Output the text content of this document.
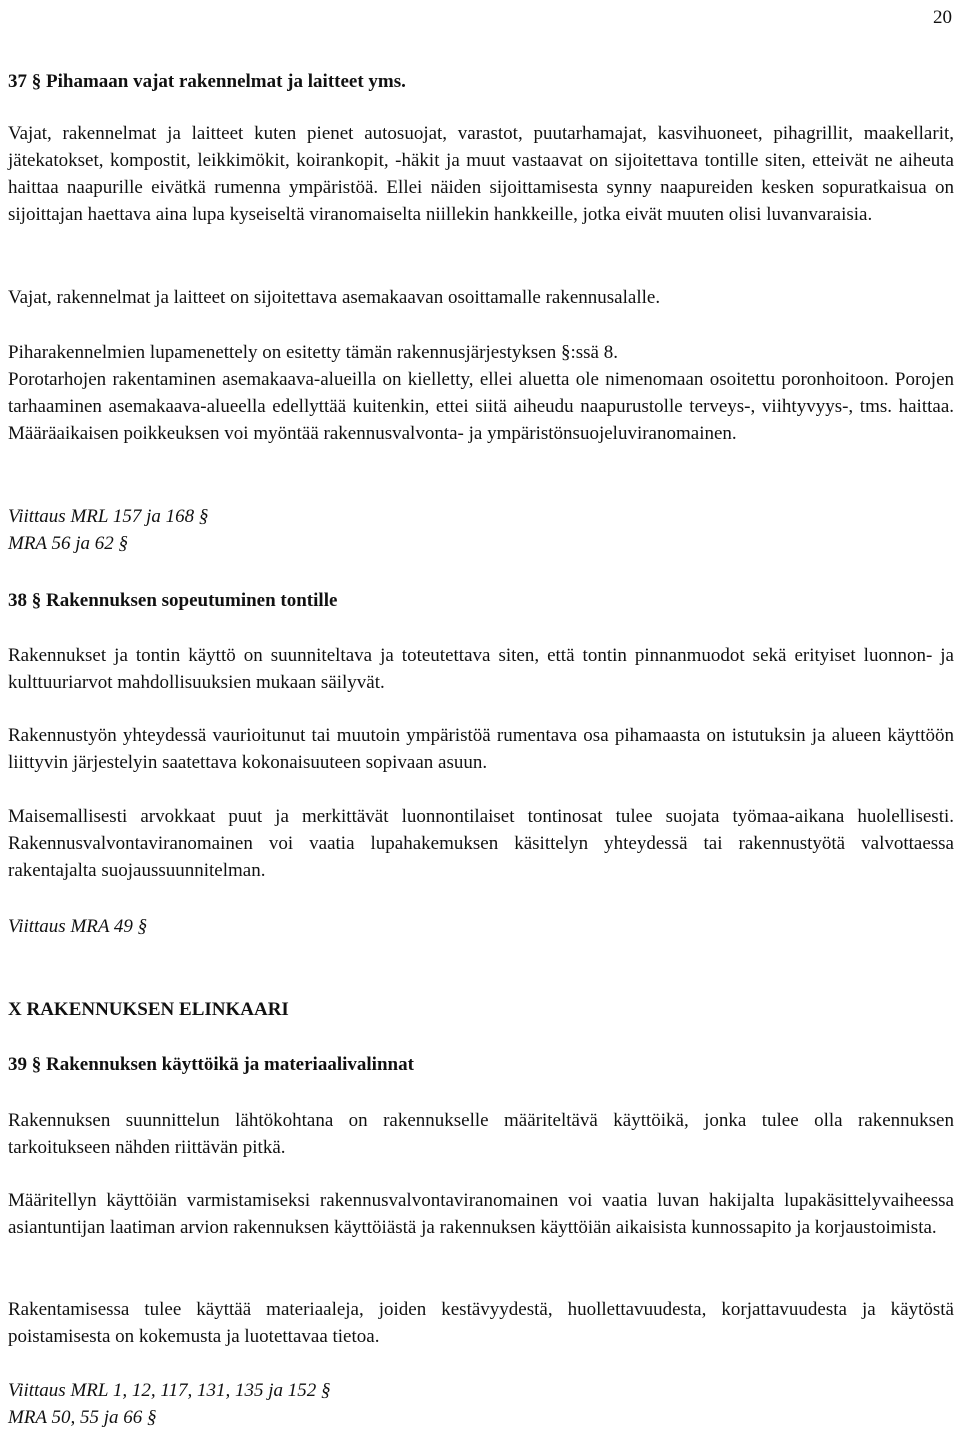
20
37 § Pihamaan vajat rakennelmat ja laitteet yms.

Vajat, rakennelmat ja laitteet kuten pienet autosuojat, varastot, puutarhamajat, kasvihuoneet, pihagrillit, maakellarit, jätekatokset, kompostit, leikkimökit, koirankopit, -häkit ja muut vastaavat on sijoitettava tontille siten, etteivät ne aiheuta haittaa naapurille eivätkä rumenna ympäristöä. Ellei näiden sijoittamisesta synny naapureiden kesken sopuratkaisua on sijoittajan haettava aina lupa kyseiseltä viranomaiselta niillekin hankkeille, jotka eivät muuten olisi luvanvaraisia.

Vajat, rakennelmat ja laitteet on sijoitettava asemakaavan osoittamalle rakennusalalle.

Piharakennelmien lupamenettely on esitetty tämän rakennusjärjestyksen §:ssä 8.

Porotarhojen rakentaminen asemakaava-alueilla on kielletty, ellei aluetta ole nimenomaan osoitettu poronhoitoon. Porojen tarhaaminen asemakaava-alueella edellyttää kuitenkin, ettei siitä aiheudu naapurustolle terveys-, viihtyvyys-, tms. haittaa. Määräaikaisen poikkeuksen voi myöntää rakennusvalvonta- ja ympäristönsuojeluviranomainen.

Viittaus MRL 157 ja 168 §
MRA 56 ja 62 §
38 § Rakennuksen sopeutuminen tontille

Rakennukset ja tontin käyttö on suunniteltava ja toteutettava siten, että tontin pinnanmuodot sekä erityiset luonnon- ja kulttuuriarvot mahdollisuuksien mukaan säilyvät.

Rakennustyön yhteydessä vaurioitunut tai muutoin ympäristöä rumentava osa pihamaasta on istutuksin ja alueen käyttöön liittyvin järjestelyin saatettava kokonaisuuteen sopivaan asuun.

Maisemallisesti arvokkaat puut ja merkittävät luonnontilaiset tontinosat tulee suojata työmaa-aikana huolellisesti. Rakennusvalvontaviranomainen voi vaatia lupahakemuksen käsittelyn yhteydessä tai rakennustyötä valvottaessa rakentajalta suojaussuunnitelman.

Viittaus MRA 49 §
X RAKENNUKSEN ELINKAARI
39 § Rakennuksen käyttöikä ja materiaalivalinnat

Rakennuksen suunnittelun lähtökohtana on rakennukselle määriteltävä käyttöikä, jonka tulee olla rakennuksen tarkoitukseen nähden riittävän pitkä.

Määritellyn käyttöiän varmistamiseksi rakennusvalvontaviranomainen voi vaatia luvan hakijalta lupakäsittelyvaiheessa asiantuntijan laatiman arvion rakennuksen käyttöiästä ja rakennuksen käyttöiän aikaisista kunnossapito ja korjaustoimista.

Rakentamisessa tulee käyttää materiaaleja, joiden kestävyydestä, huollettavuudesta, korjattavuudesta ja käytöstä poistamisesta on kokemusta ja luotettavaa tietoa.

Viittaus MRL 1, 12, 117, 131, 135 ja 152 §
MRA 50, 55 ja 66 §
